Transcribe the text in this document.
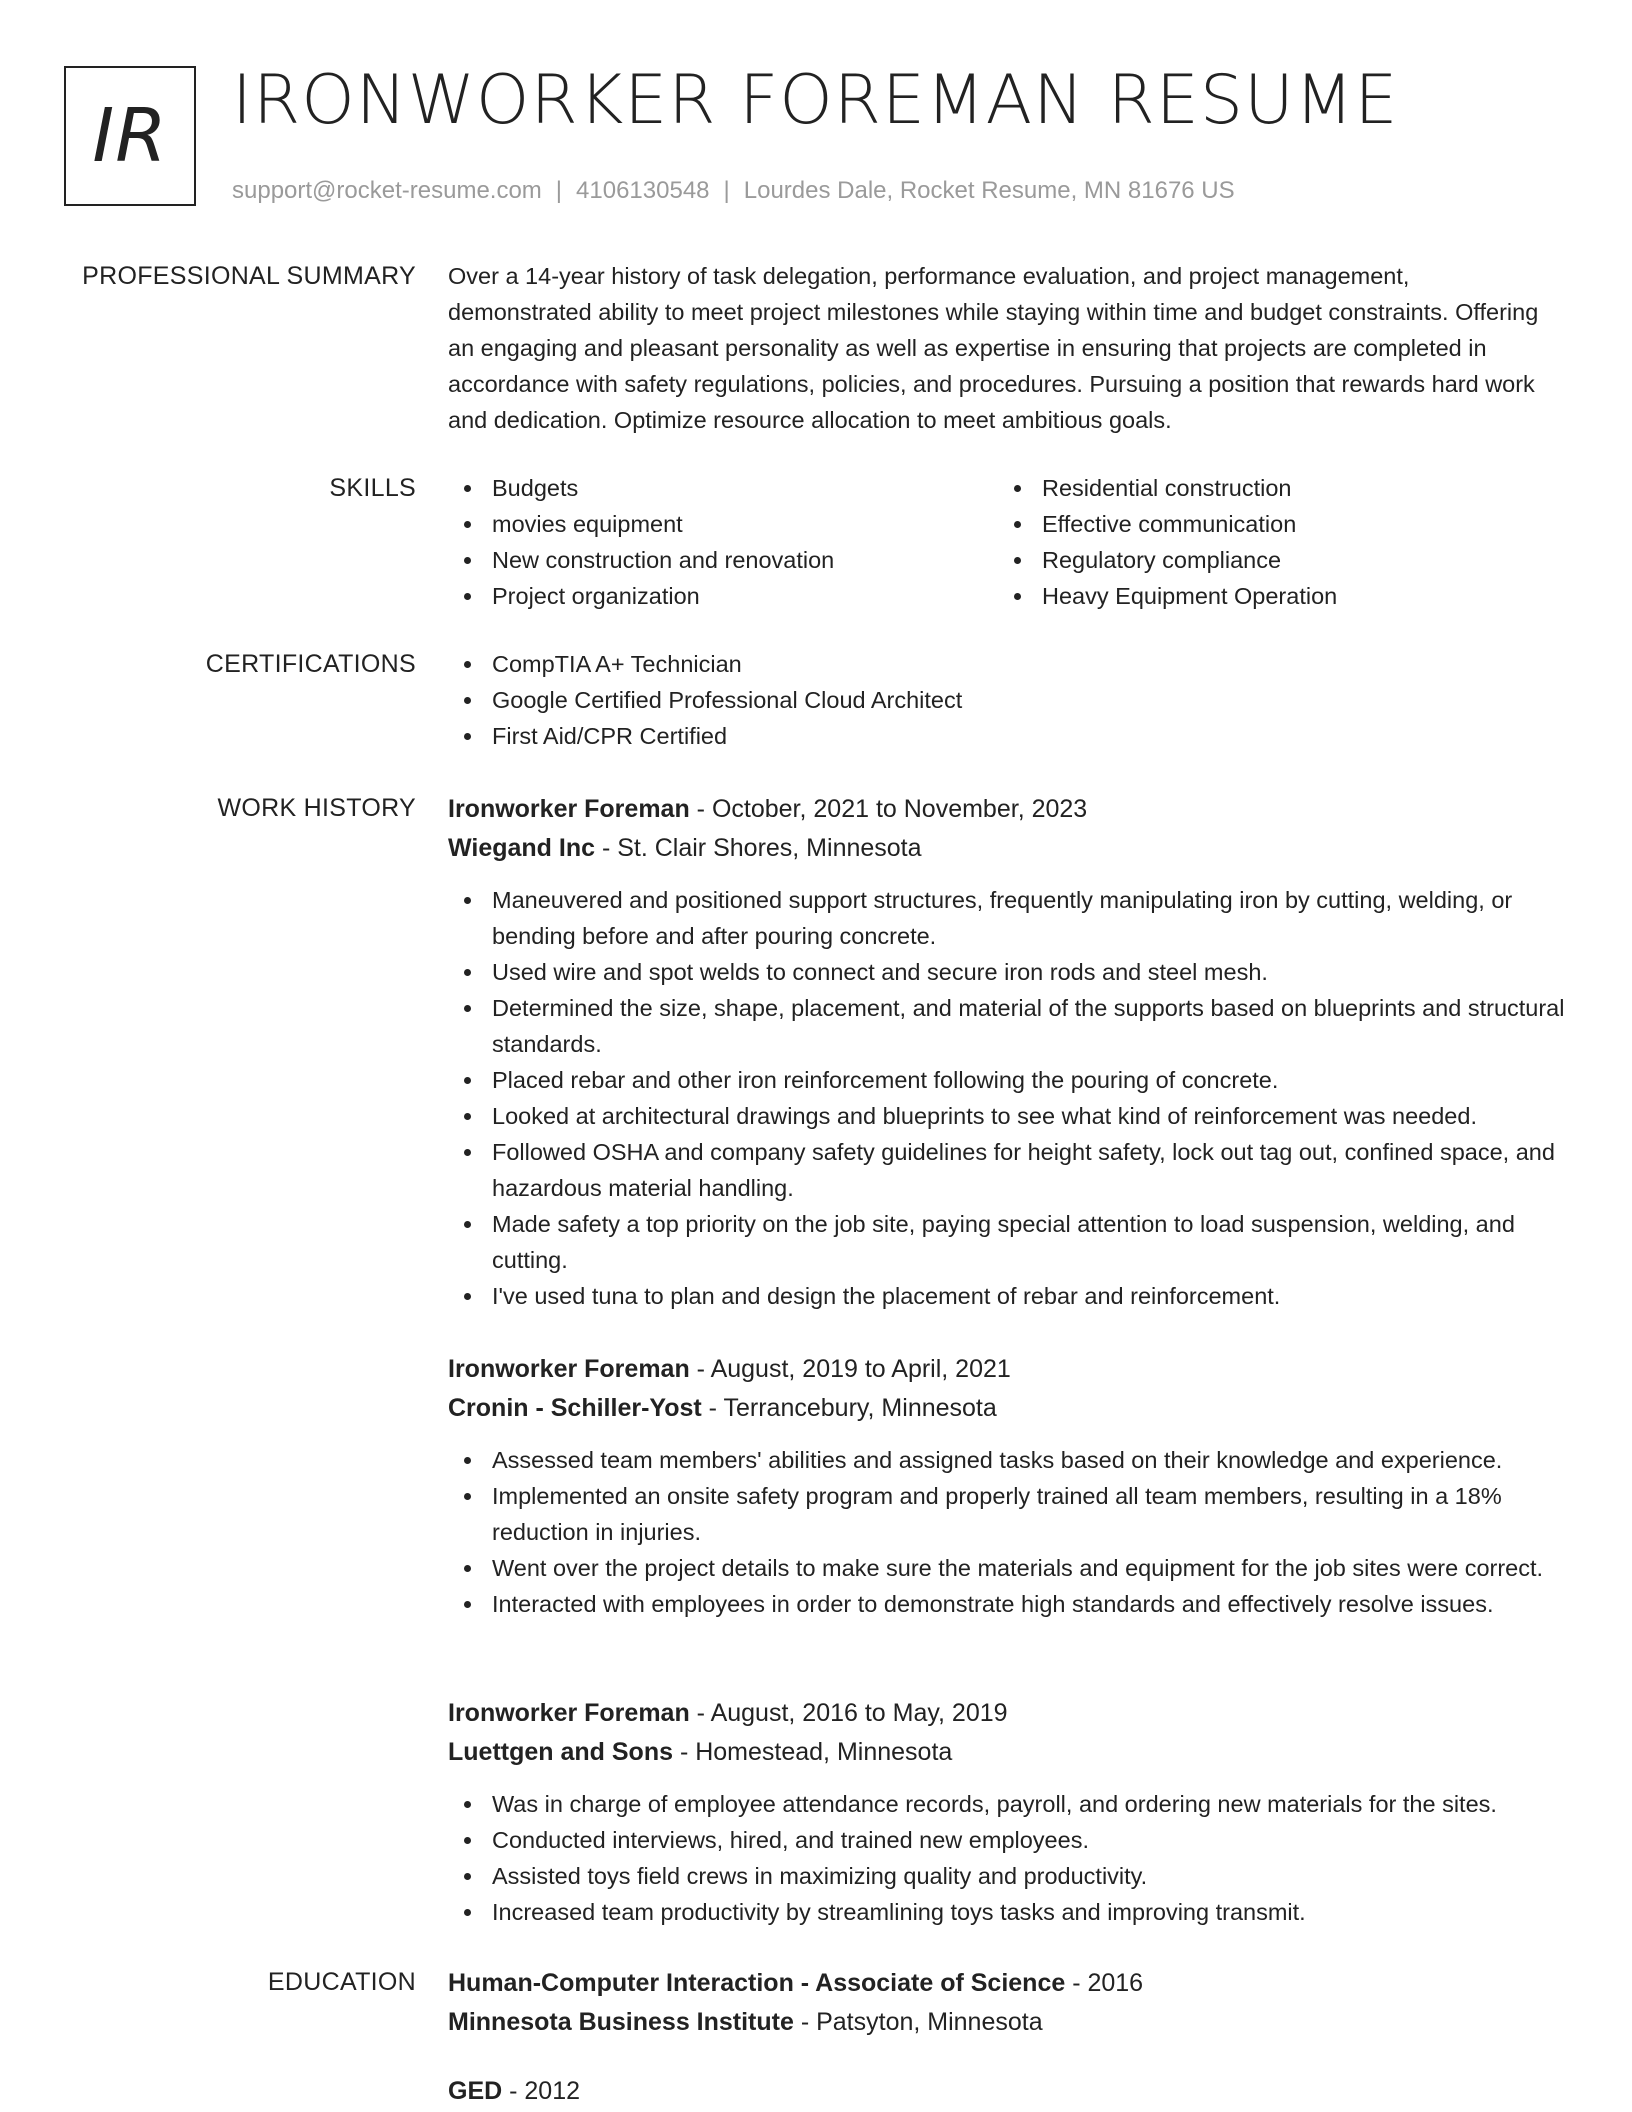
IR IRONWORKER FOREMAN RESUME
support@rocket-resume.com | 4106130548 | Lourdes Dale, Rocket Resume, MN 81676 US
PROFESSIONAL SUMMARY Over a 14-year history of task delegation, performance evaluation, and project management, demonstrated ability to meet project milestones while staying within time and budget constraints. Offering an engaging and pleasant personality as well as expertise in ensuring that projects are completed in accordance with safety regulations, policies, and procedures. Pursuing a position that rewards hard work and dedication. Optimize resource allocation to meet ambitious goals.

SKILLS	Budgets
movies equipment
New construction and renovation
Project organization
Residential construction
Effective communication
Regulatory compliance
Heavy Equipment Operation
CERTIFICATIONS	CompTIA A+ Technician
Google Certified Professional Cloud Architect
First Aid/CPR Certified
WORK HISTORY Ironworker Foreman - October, 2021 to November, 2023
Wiegand Inc - St. Clair Shores, Minnesota
Maneuvered and positioned support structures, frequently manipulating iron by cutting, welding, or bending before and after pouring concrete.
Used wire and spot welds to connect and secure iron rods and steel mesh.
Determined the size, shape, placement, and material of the supports based on blueprints and structural standards.
Placed rebar and other iron reinforcement following the pouring of concrete.
Looked at architectural drawings and blueprints to see what kind of reinforcement was needed.
Followed OSHA and company safety guidelines for height safety, lock out tag out, confined space, and hazardous material handling.
Made safety a top priority on the job site, paying special attention to load suspension, welding, and cutting.
I've used tuna to plan and design the placement of rebar and reinforcement.
Ironworker Foreman - August, 2019 to April, 2021
Cronin - Schiller-Yost - Terrancebury, Minnesota
Assessed team members' abilities and assigned tasks based on their knowledge and experience.
Implemented an onsite safety program and properly trained all team members, resulting in a 18% reduction in injuries.
Went over the project details to make sure the materials and equipment for the job sites were correct.
Interacted with employees in order to demonstrate high standards and effectively resolve issues.
Ironworker Foreman - August, 2016 to May, 2019
Luettgen and Sons - Homestead, Minnesota
Was in charge of employee attendance records, payroll, and ordering new materials for the sites.
Conducted interviews, hired, and trained new employees.
Assisted toys field crews in maximizing quality and productivity.
Increased team productivity by streamlining toys tasks and improving transmit.
EDUCATION Human-Computer Interaction - Associate of Science - 2016
Minnesota Business Institute - Patsyton, Minnesota
GED - 2012
